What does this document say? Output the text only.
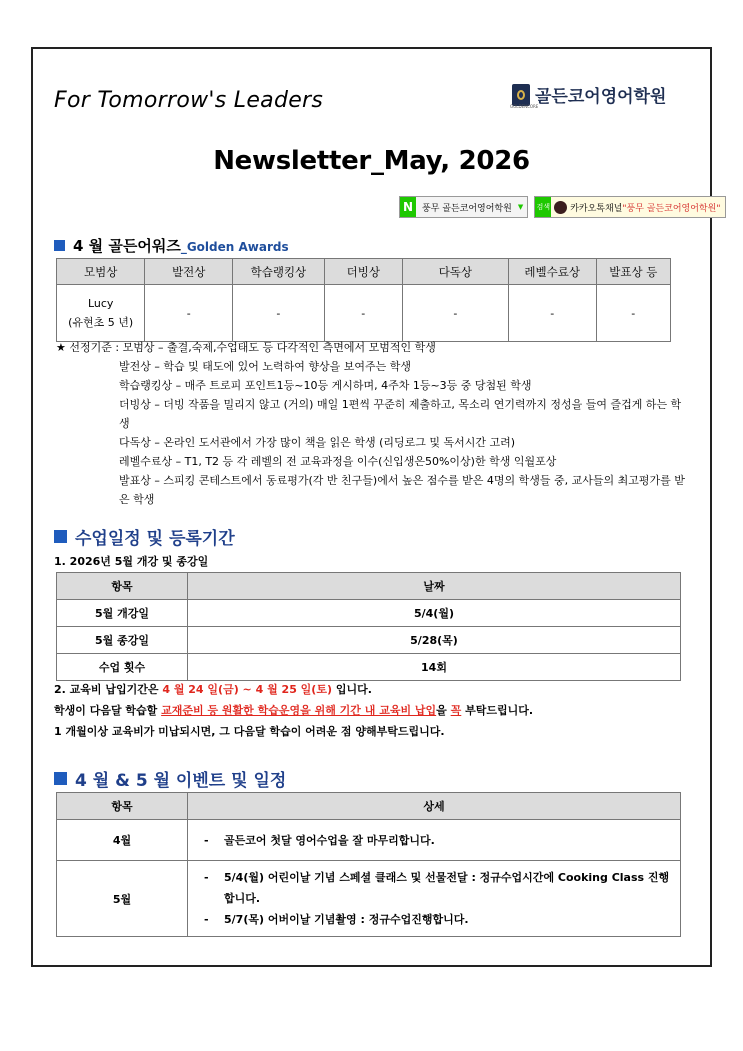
For Tomorrow's Leaders	골든코어영어학원
GOLDENCORE
Newsletter_May, 2026
N 풍무 골든코어영어학원 ▼	검색 카카오톡채널"풍무 골든코어영어학원"
4 월 골든어워즈_Golden Awards
모범상	발전상	학습랭킹상	더빙상	다독상	레벨수료상	발표상 등

Lucy
(유현초 5 년)	-	-	-	-	-	-
★ 선정기준 :
모범상 – 출결,숙제,수업태도 등 다각적인 측면에서 모범적인 학생
발전상 – 학습 및 태도에 있어 노력하여 향상을 보여주는 학생
학습랭킹상 – 매주 트로피 포인트1등~10등 게시하며, 4주차 1등~3등 중 당첨된 학생
더빙상 – 더빙 작품을 밀리지 않고 (거의) 매일 1편씩 꾸준히 제출하고, 목소리 연기력까지 정성을 들여 즐겁게 하는 학생
다독상 – 온라인 도서관에서 가장 많이 책을 읽은 학생 (리딩로그 및 독서시간 고려)
레벨수료상 – T1, T2 등 각 레벨의 전 교육과정을 이수(신입생은50%이상)한 학생 익월포상
발표상 – 스피킹 콘테스트에서 동료평가(각 반 친구들)에서 높은 점수를 받은 4명의 학생들 중, 교사들의 최고평가를 받은 학생
수업일정 및 등록기간
1. 2026년 5월 개강 및 종강일
항목	날짜
5월 개강일	5/4(월)
5월 종강일	5/28(목)
수업 횟수	14회
2. 교육비 납입기간은 4 월 24 일(금) ~ 4 월 25 일(토) 입니다.
학생이 다음달 학습할 교재준비 등 원활한 학습운영을 위해 기간 내 교육비 납입을 꼭 부탁드립니다.
1 개월이상 교육비가 미납되시면, 그 다음달 학습이 어려운 점 양해부탁드립니다.
4 월 & 5 월 이벤트 및 일정
항목	상세
4월	- 골든코어 첫달 영어수업을 잘 마무리합니다.

5월	- 5/4(월) 어린이날 기념 스페셜 클래스 및 선물전달 : 정규수업시간에 Cooking Class 진행합니다.
- 5/7(목) 어버이날 기념촬영 : 정규수업진행합니다.
